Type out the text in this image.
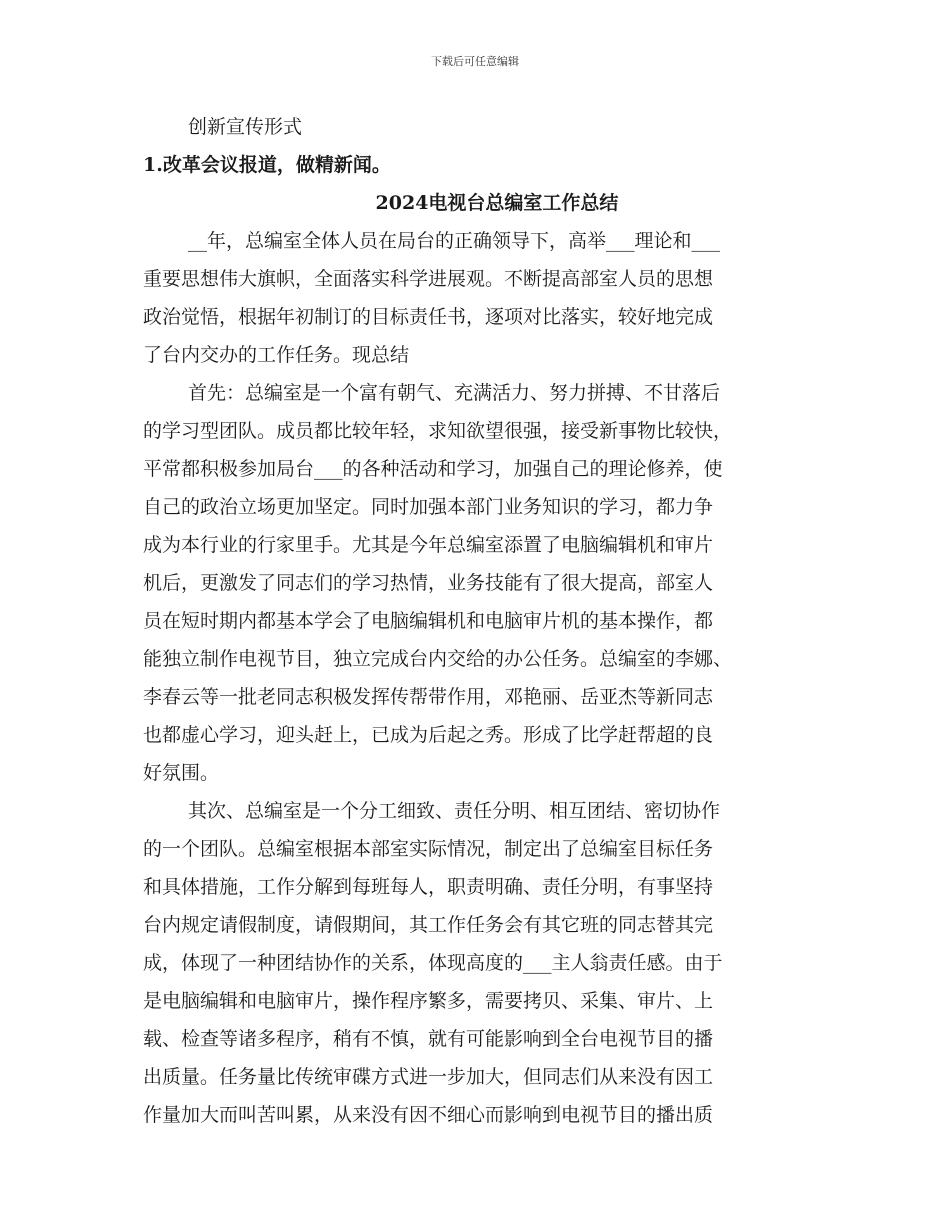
下载后可任意编辑

创新宣传形式

1.改革会议报道，做精新闻。

2024电视台总编室工作总结

__年，总编室全体人员在局台的正确领导下，高举___理论和___

重要思想伟大旗帜，全面落实科学进展观。不断提高部室人员的思想

政治觉悟，根据年初制订的目标责任书，逐项对比落实，较好地完成

了台内交办的工作任务。现总结

首先：总编室是一个富有朝气、充满活力、努力拼搏、不甘落后

的学习型团队。成员都比较年轻，求知欲望很强，接受新事物比较快，

平常都积极参加局台___的各种活动和学习，加强自己的理论修养，使

自己的政治立场更加坚定。同时加强本部门业务知识的学习，都力争

成为本行业的行家里手。尤其是今年总编室添置了电脑编辑机和审片

机后，更激发了同志们的学习热情，业务技能有了很大提高，部室人

员在短时期内都基本学会了电脑编辑机和电脑审片机的基本操作，都

能独立制作电视节目，独立完成台内交给的办公任务。总编室的李娜、

李春云等一批老同志积极发挥传帮带作用，邓艳丽、岳亚杰等新同志

也都虚心学习，迎头赶上，已成为后起之秀。形成了比学赶帮超的良

好氛围。

其次、总编室是一个分工细致、责任分明、相互团结、密切协作

的一个团队。总编室根据本部室实际情况，制定出了总编室目标任务

和具体措施，工作分解到每班每人，职责明确、责任分明，有事坚持

台内规定请假制度，请假期间，其工作任务会有其它班的同志替其完

成，体现了一种团结协作的关系，体现高度的___主人翁责任感。由于

是电脑编辑和电脑审片，操作程序繁多，需要拷贝、采集、审片、上

载、检查等诸多程序，稍有不慎，就有可能影响到全台电视节目的播

出质量。任务量比传统审碟方式进一步加大，但同志们从来没有因工

作量加大而叫苦叫累，从来没有因不细心而影响到电视节目的播出质
